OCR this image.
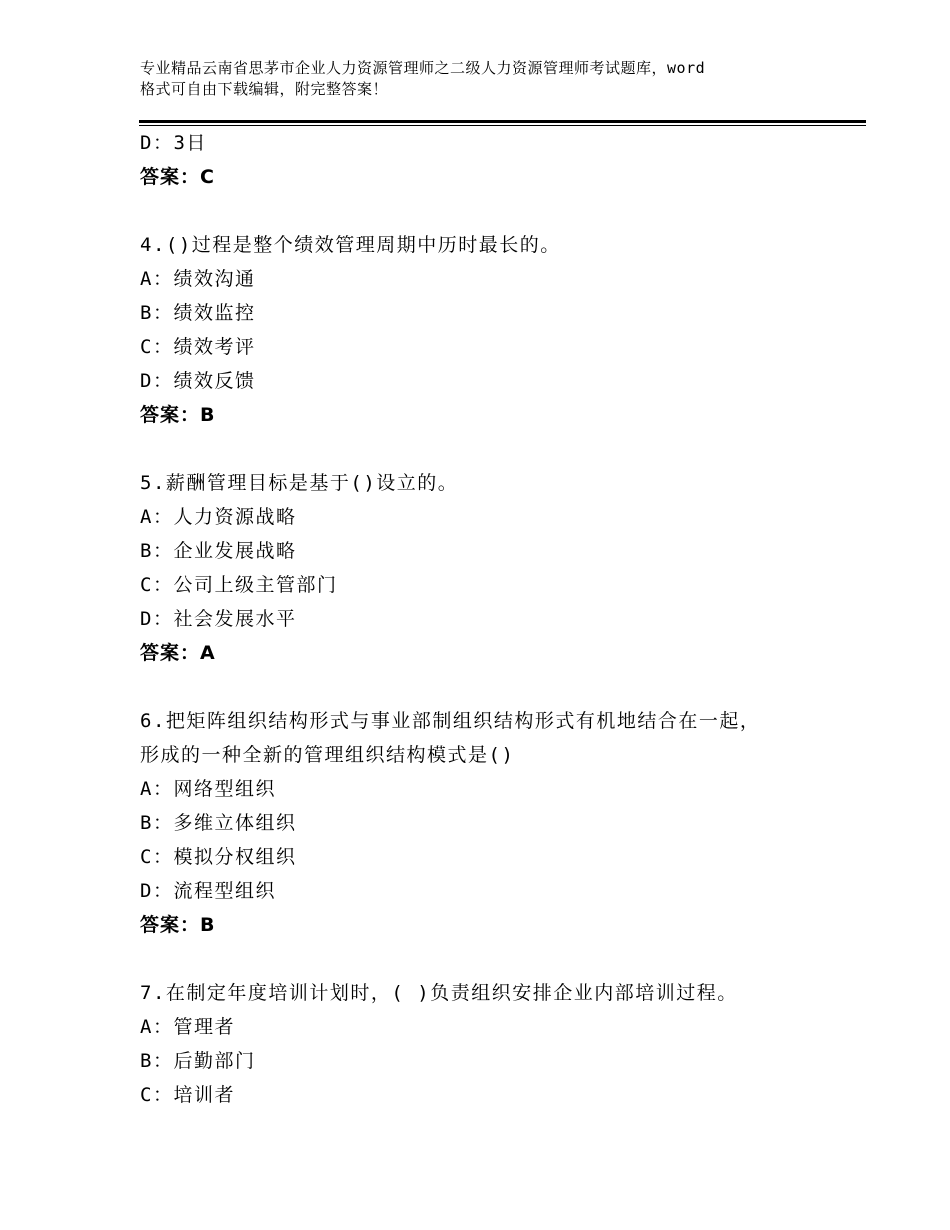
专业精品云南省思茅市企业人力资源管理师之二级人力资源管理师考试题库，word
格式可自由下载编辑，附完整答案！
D：3日
答案：C
4.()过程是整个绩效管理周期中历时最长的。
A：绩效沟通
B：绩效监控
C：绩效考评
D：绩效反馈
答案：B
5.薪酬管理目标是基于()设立的。
A：人力资源战略
B：企业发展战略
C：公司上级主管部门
D：社会发展水平
答案：A
6.把矩阵组织结构形式与事业部制组织结构形式有机地结合在一起，
形成的一种全新的管理组织结构模式是()
A：网络型组织
B：多维立体组织
C：模拟分权组织
D：流程型组织
答案：B
7.在制定年度培训计划时，( )负责组织安排企业内部培训过程。
A：管理者
B：后勤部门
C：培训者
